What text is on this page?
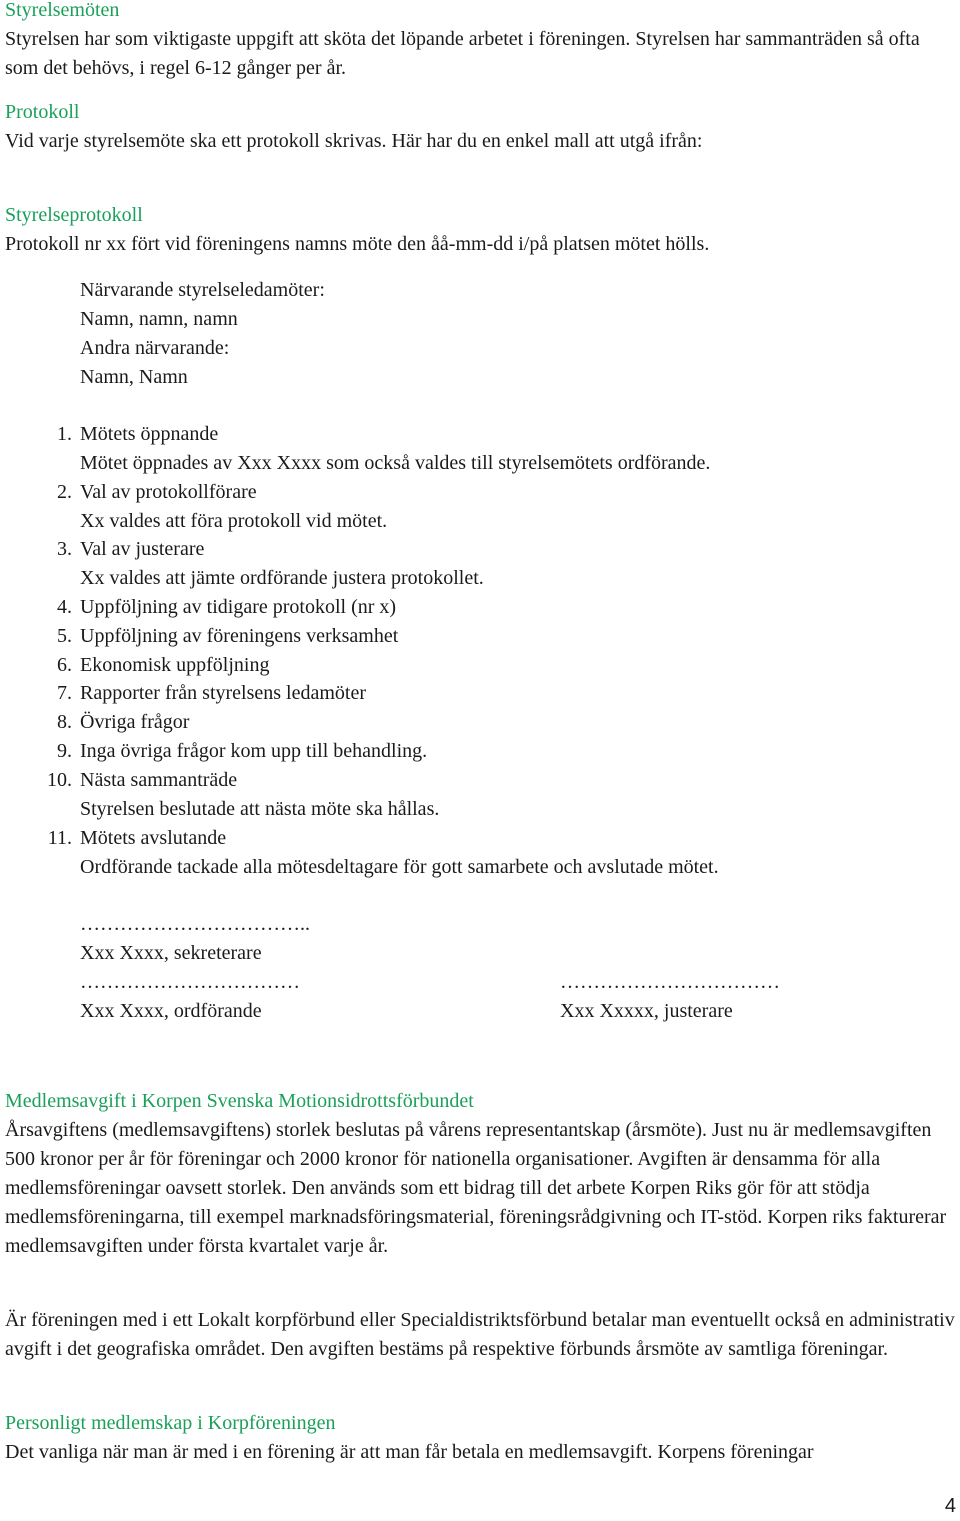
Styrelsemöten

Styrelsen har som viktigaste uppgift att sköta det löpande arbetet i föreningen. Styrelsen har sammanträden så ofta som det behövs, i regel 6-12 gånger per år.

Protokoll

Vid varje styrelsemöte ska ett protokoll skrivas. Här har du en enkel mall att utgå ifrån:

Styrelseprotokoll

Protokoll nr xx fört vid föreningens namns möte den åå-mm-dd i/på platsen mötet hölls.

Närvarande styrelseledamöter:

Namn, namn, namn

Andra närvarande:

Namn, Namn

1. Mötets öppnande

Mötet öppnades av Xxx Xxxx som också valdes till styrelsemötets ordförande.

2. Val av protokollförare

Xx valdes att föra protokoll vid mötet.

3. Val av justerare

Xx valdes att jämte ordförande justera protokollet.

4. Uppföljning av tidigare protokoll (nr x)
5. Uppföljning av föreningens verksamhet
6. Ekonomisk uppföljning
7. Rapporter från styrelsens ledamöter
8. Övriga frågor
9. Inga övriga frågor kom upp till behandling.
10. Nästa sammanträde

Styrelsen beslutade att nästa möte ska hållas.

11. Mötets avslutande

Ordförande tackade alla mötesdeltagare för gott samarbete och avslutade mötet.

……………………………..

Xxx Xxxx, sekreterare

……………………………

Xxx Xxxx, ordförande

……………………………

Xxx Xxxxx, justerare

Medlemsavgift i Korpen Svenska Motionsidrottsförbundet

Årsavgiftens (medlemsavgiftens) storlek beslutas på vårens representantskap (årsmöte). Just nu är medlemsavgiften 500 kronor per år för föreningar och 2000 kronor för nationella organisationer. Avgiften är densamma för alla medlemsföreningar oavsett storlek. Den används som ett bidrag till det arbete Korpen Riks gör för att stödja medlemsföreningarna, till exempel marknadsföringsmaterial, föreningsrådgivning och IT-stöd. Korpen riks fakturerar medlemsavgiften under första kvartalet varje år.

Är föreningen med i ett Lokalt korpförbund eller Specialdistriktsförbund betalar man eventuellt också en administrativ avgift i det geografiska området. Den avgiften bestäms på respektive förbunds årsmöte av samtliga föreningar.

Personligt medlemskap i Korpföreningen

Det vanliga när man är med i en förening är att man får betala en medlemsavgift. Korpens föreningar

4
